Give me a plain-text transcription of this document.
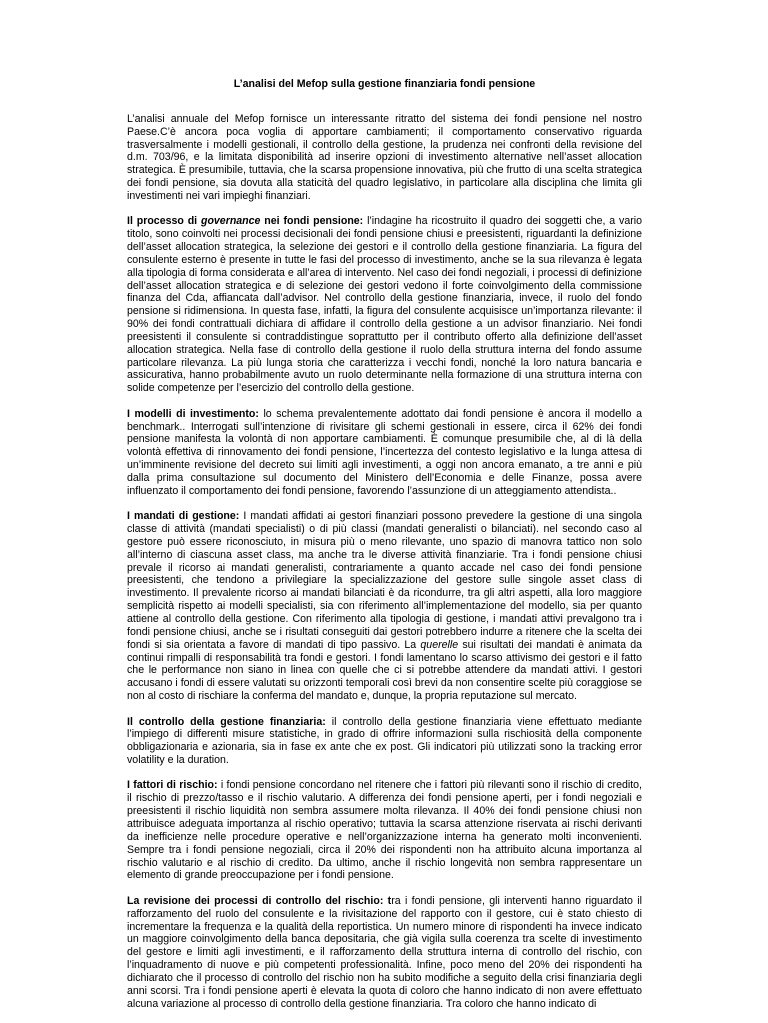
L’analisi del Mefop sulla gestione finanziaria fondi pensione

L’analisi annuale del Mefop fornisce un interessante ritratto del sistema dei fondi pensione nel nostro Paese.C’è ancora poca voglia di apportare cambiamenti; il comportamento conservativo riguarda trasversalmente i modelli gestionali, il controllo della gestione, la prudenza nei confronti della revisione del d.m. 703/96, e la limitata disponibilità ad inserire opzioni di investimento alternative nell’asset allocation strategica. È presumibile, tuttavia, che la scarsa propensione innovativa, più che frutto di una scelta strategica dei fondi pensione, sia dovuta alla staticità del quadro legislativo, in particolare alla disciplina che limita gli investimenti nei vari impieghi finanziari.

Il processo di governance nei fondi pensione: l’indagine ha ricostruito il quadro dei soggetti che, a vario titolo, sono coinvolti nei processi decisionali dei fondi pensione chiusi e preesistenti, riguardanti la definizione dell’asset allocation strategica, la selezione dei gestori e il controllo della gestione finanziaria. La figura del consulente esterno è presente in tutte le fasi del processo di investimento, anche se la sua rilevanza è legata alla tipologia di forma considerata e all’area di intervento. Nel caso dei fondi negoziali, i processi di definizione dell’asset allocation strategica e di selezione dei gestori vedono il forte coinvolgimento della commissione finanza del Cda, affiancata dall’advisor. Nel controllo della gestione finanziaria, invece, il ruolo del fondo pensione si ridimensiona. In questa fase, infatti, la figura del consulente acquisisce un’importanza rilevante: il 90% dei fondi contrattuali dichiara di affidare il controllo della gestione a un advisor finanziario. Nei fondi preesistenti il consulente si contraddistingue soprattutto per il contributo offerto alla definizione dell’asset allocation strategica. Nella fase di controllo della gestione il ruolo della struttura interna del fondo assume particolare rilevanza. La più lunga storia che caratterizza i vecchi fondi, nonché la loro natura bancaria e assicurativa, hanno probabilmente avuto un ruolo determinante nella formazione di una struttura interna con solide competenze per l’esercizio del controllo della gestione.

I modelli di investimento: lo schema prevalentemente adottato dai fondi pensione è ancora il modello a benchmark.. Interrogati sull’intenzione di rivisitare gli schemi gestionali in essere, circa il 62% dei fondi pensione manifesta la volontà di non apportare cambiamenti. È comunque presumibile che, al di là della volontà effettiva di rinnovamento dei fondi pensione, l’incertezza del contesto legislativo e la lunga attesa di un’imminente revisione del decreto sui limiti agli investimenti, a oggi non ancora emanato, a tre anni e più dalla prima consultazione sul documento del Ministero dell’Economia e delle Finanze, possa avere influenzato il comportamento dei fondi pensione, favorendo l’assunzione di un atteggiamento attendista..

I mandati di gestione: I mandati affidati ai gestori finanziari possono prevedere la gestione di una singola classe di attività (mandati specialisti) o di più classi (mandati generalisti o bilanciati). nel secondo caso al gestore può essere riconosciuto, in misura più o meno rilevante, uno spazio di manovra tattico non solo all’interno di ciascuna asset class, ma anche tra le diverse attività finanziarie. Tra i fondi pensione chiusi prevale il ricorso ai mandati generalisti, contrariamente a quanto accade nel caso dei fondi pensione preesistenti, che tendono a privilegiare la specializzazione del gestore sulle singole asset class di investimento. Il prevalente ricorso ai mandati bilanciati è da ricondurre, tra gli altri aspetti, alla loro maggiore semplicità rispetto ai modelli specialisti, sia con riferimento all’implementazione del modello, sia per quanto attiene al controllo della gestione. Con riferimento alla tipologia di gestione, i mandati attivi prevalgono tra i fondi pensione chiusi, anche se i risultati conseguiti dai gestori potrebbero indurre a ritenere che la scelta dei fondi si sia orientata a favore di mandati di tipo passivo. La querelle sui risultati dei mandati è animata da continui rimpalli di responsabilità tra fondi e gestori. I fondi lamentano lo scarso attivismo dei gestori e il fatto che le performance non siano in linea con quelle che ci si potrebbe attendere da mandati attivi. I gestori accusano i fondi di essere valutati su orizzonti temporali così brevi da non consentire scelte più coraggiose se non al costo di rischiare la conferma del mandato e, dunque, la propria reputazione sul mercato.

Il controllo della gestione finanziaria: il controllo della gestione finanziaria viene effettuato mediante l’impiego di differenti misure statistiche, in grado di offrire informazioni sulla rischiosità della componente obbligazionaria e azionaria, sia in fase ex ante che ex post. Gli indicatori più utilizzati sono la tracking error volatility e la duration.

I fattori di rischio: i fondi pensione concordano nel ritenere che i fattori più rilevanti sono il rischio di credito, il rischio di prezzo/tasso e il rischio valutario. A differenza dei fondi pensione aperti, per i fondi negoziali e preesistenti il rischio liquidità non sembra assumere molta rilevanza. Il 40% dei fondi pensione chiusi non attribuisce adeguata importanza al rischio operativo; tuttavia la scarsa attenzione riservata ai rischi derivanti da inefficienze nelle procedure operative e nell’organizzazione interna ha generato molti inconvenienti. Sempre tra i fondi pensione negoziali, circa il 20% dei rispondenti non ha attribuito alcuna importanza al rischio valutario e al rischio di credito. Da ultimo, anche il rischio longevità non sembra rappresentare un elemento di grande preoccupazione per i fondi pensione.

La revisione dei processi di controllo del rischio: tra i fondi pensione, gli interventi hanno riguardato il rafforzamento del ruolo del consulente e la rivisitazione del rapporto con il gestore, cui è stato chiesto di incrementare la frequenza e la qualità della reportistica. Un numero minore di rispondenti ha invece indicato un maggiore coinvolgimento della banca depositaria, che già vigila sulla coerenza tra scelte di investimento del gestore e limiti agli investimenti, e il rafforzamento della struttura interna di controllo del rischio, con l’inquadramento di nuove e più competenti professionalità. Infine, poco meno del 20% dei rispondenti ha dichiarato che il processo di controllo del rischio non ha subito modifiche a seguito della crisi finanziaria degli anni scorsi. Tra i fondi pensione aperti è elevata la quota di coloro che hanno indicato di non avere effettuato alcuna variazione al processo di controllo della gestione finanziaria. Tra coloro che hanno indicato di
